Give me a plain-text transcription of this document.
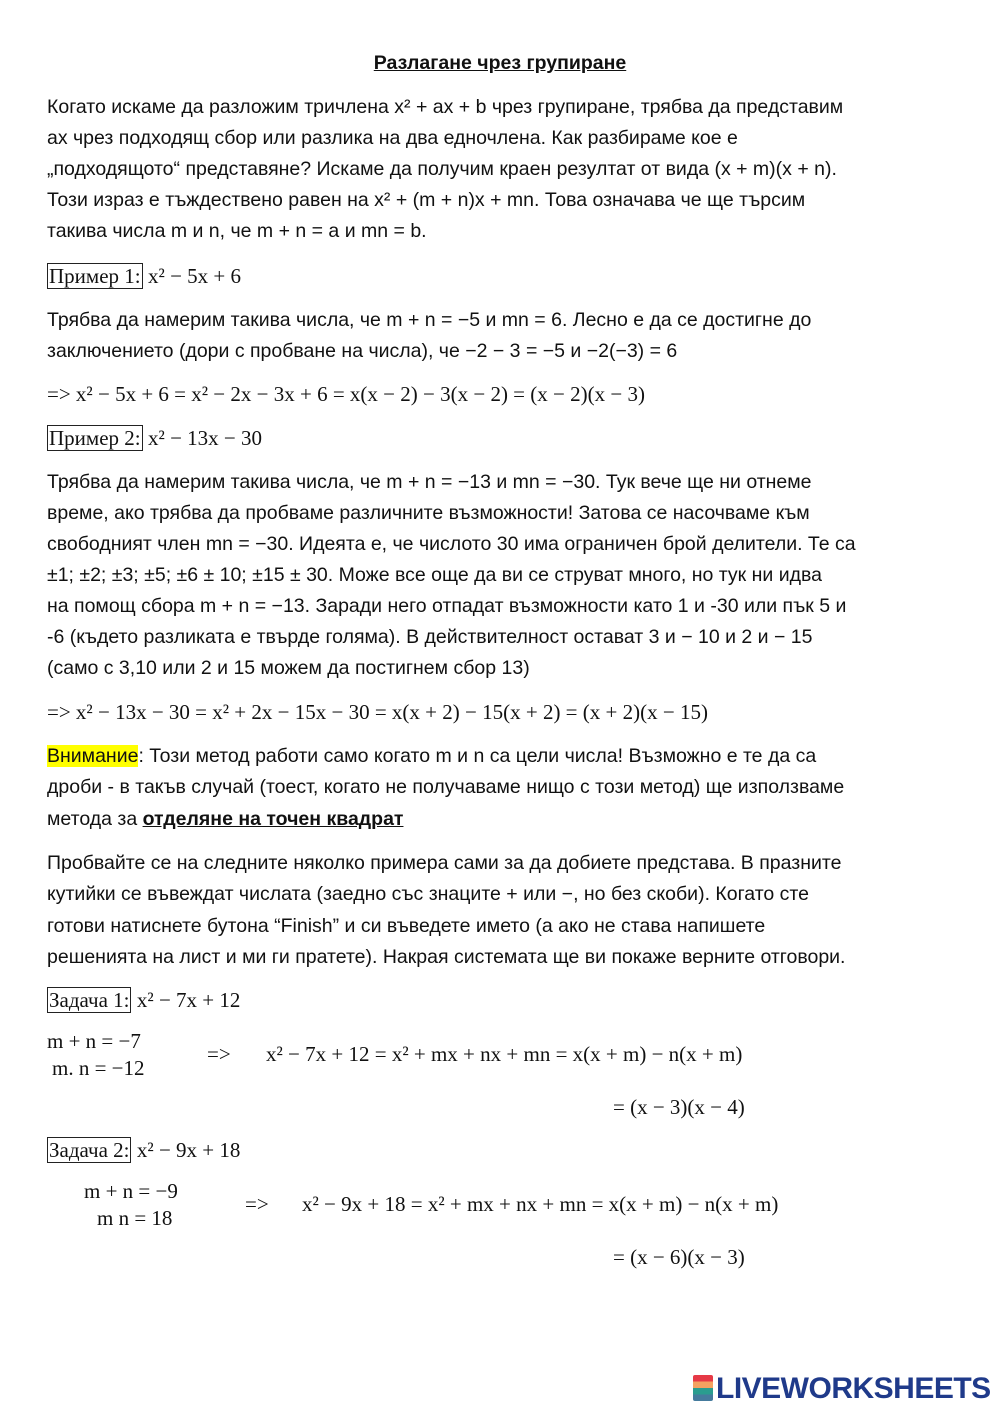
Разлагане чрез групиране
Когато искаме да разложим тричлена x² + ax + b чрез групиране, трябва да представим
ax чрез подходящ сбор или разлика на два едночлена. Как разбираме кое е
„подходящото“ представяне? Искаме да получим краен резултат от вида (x + m)(x + n).
Този израз е тъждествено равен на x² + (m + n)x + mn. Това означава че ще търсим
такива числа m и n, че m + n = a и mn = b.
Пример 1: x² − 5x + 6
Трябва да намерим такива числа, че m + n = −5 и mn = 6. Лесно е да се достигне до
заключението (дори с пробване на числа), че −2 − 3 = −5 и −2(−3) = 6
=> x² − 5x + 6 = x² − 2x − 3x + 6 = x(x − 2) − 3(x − 2) = (x − 2)(x − 3)
Пример 2: x² − 13x − 30
Трябва да намерим такива числа, че m + n = −13 и mn = −30. Тук вече ще ни отнеме
време, ако трябва да пробваме различните възможности! Затова се насочваме към
свободният член mn = −30. Идеята е, че числото 30 има ограничен брой делители. Те са
±1; ±2; ±3; ±5; ±6 ± 10; ±15 ± 30. Може все още да ви се струват много, но тук ни идва
на помощ сбора m + n = −13. Заради него отпадат възможности като 1 и -30 или пък 5 и
-6 (където разликата е твърде голяма). В действителност остават 3 и − 10 и 2 и − 15
(само с 3,10 или 2 и 15 можем да постигнем сбор 13)
=> x² − 13x − 30 = x² + 2x − 15x − 30 = x(x + 2) − 15(x + 2) = (x + 2)(x − 15)
Внимание: Този метод работи само когато m и n са цели числа! Възможно е те да са
дроби - в такъв случай (тоест, когато не получаваме нищо с този метод) ще използваме
метода за отделяне на точен квадрат
Пробвайте се на следните няколко примера сами за да добиете представа. В празните
кутийки се въвеждат числата (заедно със знаците + или −, но без скоби). Когато сте
готови натиснете бутона “Finish” и си въведете името (а ако не става напишете
решенията на лист и ми ги пратете). Накрая системата ще ви покаже верните отговори.
Задача 1: x² − 7x + 12
m + n = −7
m. n = −12
=> x² − 7x + 12 = x² + mx + nx + mn = x(x + m) − n(x + m)
= (x − 3)(x − 4)
Задача 2: x² − 9x + 18
m + n = −9
m n = 18
=> x² − 9x + 18 = x² + mx + nx + mn = x(x + m) − n(x + m)
= (x − 6)(x − 3)
LIVEWORKSHEETS
